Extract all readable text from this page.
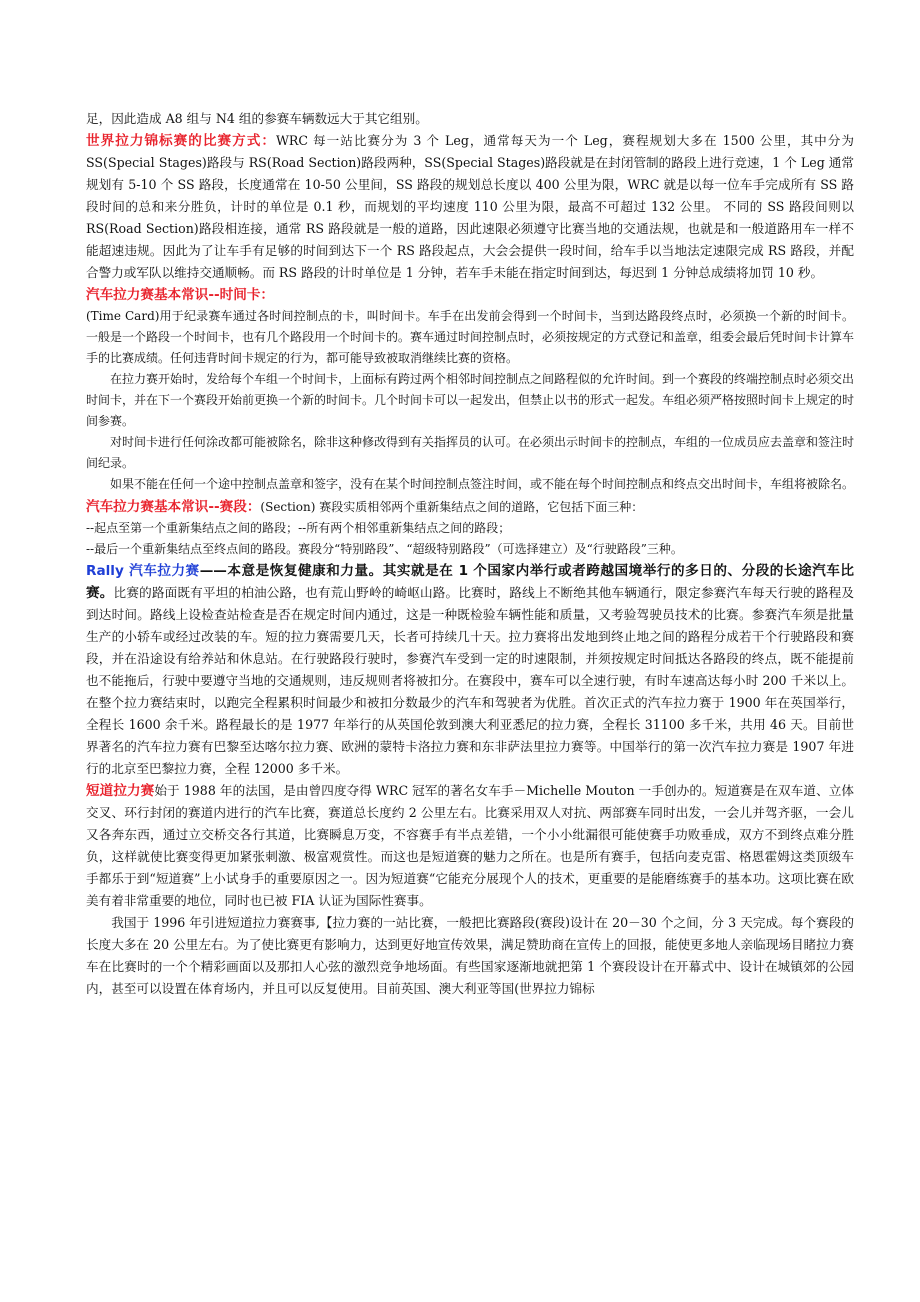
足，因此造成 A8 组与 N4 组的参赛车辆数远大于其它组别。

世界拉力锦标赛的比赛方式：WRC 每一站比赛分为 3 个 Leg，通常每天为一个 Leg，赛程规划大多在 1500 公里，其中分为 SS(Special Stages)路段与 RS(Road Section)路段两种，SS(Special Stages)路段就是在封闭管制的路段上进行竞速，1 个 Leg 通常规划有 5-10 个 SS 路段，长度通常在 10-50 公里间，SS 路段的规划总长度以 400 公里为限，WRC 就是以每一位车手完成所有 SS 路段时间的总和来分胜负，计时的单位是 0.1 秒，而规划的平均速度 110 公里为限，最高不可超过 132 公里。 不同的 SS 路段间则以 RS(Road Section)路段相连接，通常 RS 路段就是一般的道路，因此速限必须遵守比赛当地的交通法规，也就是和一般道路用车一样不能超速违规。因此为了让车手有足够的时间到达下一个 RS 路段起点，大会会提供一段时间，给车手以当地法定速限完成 RS 路段，并配合警力或军队以维持交通顺畅。而 RS 路段的计时单位是 1 分钟，若车手未能在指定时间到达，每迟到 1 分钟总成绩将加罚 10 秒。

汽车拉力赛基本常识--时间卡：

(Time Card)用于纪录赛车通过各时间控制点的卡，叫时间卡。车手在出发前会得到一个时间卡，当到达路段终点时，必须换一个新的时间卡。一般是一个路段一个时间卡，也有几个路段用一个时间卡的。赛车通过时间控制点时，必须按规定的方式登记和盖章，组委会最后凭时间卡计算车手的比赛成绩。任何违背时间卡规定的行为，都可能导致被取消继续比赛的资格。

在拉力赛开始时，发给每个车组一个时间卡，上面标有跨过两个相邻时间控制点之间路程似的允许时间。到一个赛段的终端控制点时必须交出时间卡，并在下一个赛段开始前更换一个新的时间卡。几个时间卡可以一起发出，但禁止以书的形式一起发。车组必须严格按照时间卡上规定的时间参赛。

对时间卡进行任何涂改都可能被除名，除非这种修改得到有关指挥员的认可。在必须出示时间卡的控制点，车组的一位成员应去盖章和签注时间纪录。

如果不能在任何一个途中控制点盖章和签字，没有在某个时间控制点签注时间，或不能在每个时间控制点和终点交出时间卡，车组将被除名。

汽车拉力赛基本常识--赛段：(Section) 赛段实质相邻两个重新集结点之间的道路，它包括下面三种：

--起点至第一个重新集结点之间的路段；--所有两个相邻重新集结点之间的路段；

--最后一个重新集结点至终点间的路段。赛段分“特别路段”、“超级特别路段”（可选择建立）及“行驶路段”三种。

Rally 汽车拉力赛——本意是恢复健康和力量。其实就是在 1 个国家内举行或者跨越国境举行的多日的、分段的长途汽车比赛。比赛的路面既有平坦的柏油公路，也有荒山野岭的崎岖山路。比赛时，路线上不断绝其他车辆通行，限定参赛汽车每天行驶的路程及到达时间。路线上设检查站检查是否在规定时间内通过，这是一种既检验车辆性能和质量，又考验驾驶员技术的比赛。参赛汽车须是批量生产的小轿车或经过改装的车。短的拉力赛需要几天，长者可持续几十天。拉力赛将出发地到终止地之间的路程分成若干个行驶路段和赛段，并在沿途设有给养站和休息站。在行驶路段行驶时，参赛汽车受到一定的时速限制，并须按规定时间抵达各路段的终点，既不能提前也不能拖后，行驶中要遵守当地的交通规则，违反规则者将被扣分。在赛段中，赛车可以全速行驶，有时车速高达每小时 200 千米以上。 在整个拉力赛结束时，以跑完全程累积时间最少和被扣分数最少的汽车和驾驶者为优胜。首次正式的汽车拉力赛于 1900 年在英国举行，全程长 1600 余千米。路程最长的是 1977 年举行的从英国伦敦到澳大利亚悉尼的拉力赛，全程长 31100 多千米，共用 46 天。目前世界著名的汽车拉力赛有巴黎至达喀尔拉力赛、欧洲的蒙特卡洛拉力赛和东非萨法里拉力赛等。中国举行的第一次汽车拉力赛是 1907 年进行的北京至巴黎拉力赛，全程 12000 多千米。

短道拉力赛始于 1988 年的法国，是由曾四度夺得 WRC 冠军的著名女车手－Michelle Mouton 一手创办的。短道赛是在双车道、立体交叉、环行封闭的赛道内进行的汽车比赛，赛道总长度约 2 公里左右。比赛采用双人对抗、两部赛车同时出发，一会儿并驾齐驱，一会儿又各奔东西，通过立交桥交各行其道，比赛瞬息万变，不容赛手有半点差错，一个小小纰漏很可能使赛手功败垂成，双方不到终点难分胜负，这样就使比赛变得更加紧张刺激、极富观赏性。而这也是短道赛的魅力之所在。也是所有赛手，包括向麦克雷、格恩霍姆这类顶级车手都乐于到“短道赛”上小试身手的重要原因之一。因为短道赛“它能充分展现个人的技术，更重要的是能磨练赛手的基本功。这项比赛在欧美有着非常重要的地位，同时也已被 FIA 认证为国际性赛事。

我国于 1996 年引进短道拉力赛赛事,【拉力赛的一站比赛，一般把比赛路段(赛段)设计在 20－30 个之间，分 3 天完成。每个赛段的长度大多在 20 公里左右。为了使比赛更有影响力，达到更好地宣传效果，满足赞助商在宣传上的回报，能使更多地人亲临现场目睹拉力赛车在比赛时的一个个精彩画面以及那扣人心弦的激烈竞争地场面。有些国家逐渐地就把第 1 个赛段设计在开幕式中、设计在城镇郊的公园内，甚至可以设置在体育场内，并且可以反复使用。目前英国、澳大利亚等国(世界拉力锦标
